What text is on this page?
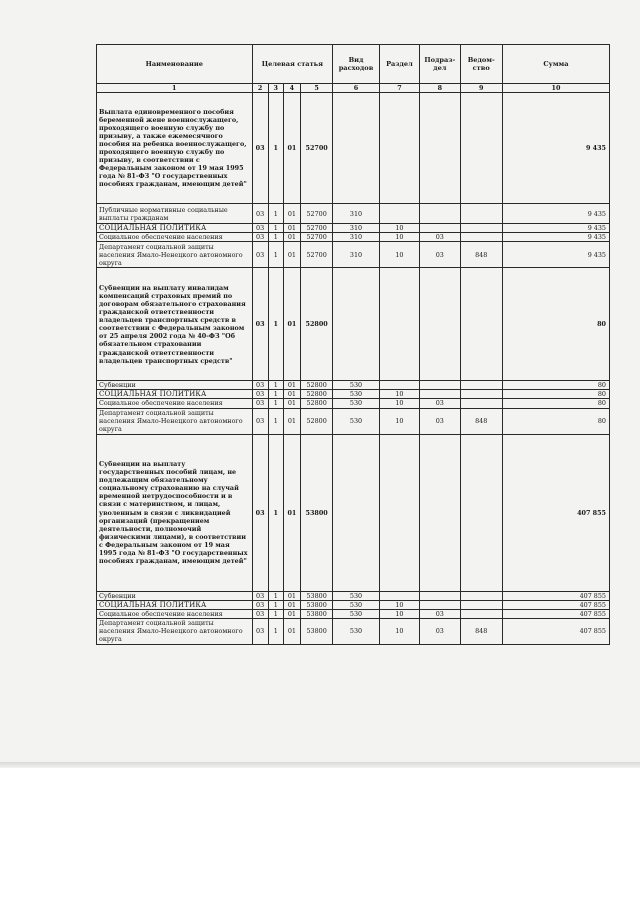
Наименование	Целевая статья				Вид расходов	Раздел	Подраз- дел	Ведом- ство	Сумма
1	2	3	4	5	6	7	8	9	10
Выплата единовременного пособия беременной жене военнослужащего, проходящего военную службу по призыву, а также ежемесячного пособия на ребенка военнослужащего, проходящего военную службу по призыву, в соответствии с Федеральным законом от 19 мая 1995 года № 81-ФЗ "О государственных пособиях гражданам, имеющим детей"	03	1	01	52700					9 435
Публичные нормативные социальные выплаты гражданам	03	1	01	52700	310				9 435
СОЦИАЛЬНАЯ ПОЛИТИКА	03	1	01	52700	310	10			9 435
Социальное обеспечение населения	03	1	01	52700	310	10	03		9 435
Департамент социальной защиты населения Ямало-Ненецкого автономного округа	03	1	01	52700	310	10	03	848	9 435
Субвенции на выплату инвалидам компенсаций страховых премий по договорам обязательного страхования гражданской ответственности владельцев транспортных средств в соответствии с Федеральным законом от 25 апреля 2002 года № 40-ФЗ "Об обязательном страховании гражданской ответственности владельцев транспортных средств"	03	1	01	52800					80
Субвенции	03	1	01	52800	530				80
СОЦИАЛЬНАЯ ПОЛИТИКА	03	1	01	52800	530	10			80
Социальное обеспечение населения	03	1	01	52800	530	10	03		80
Департамент социальной защиты населения Ямало-Ненецкого автономного округа	03	1	01	52800	530	10	03	848	80
Субвенции на выплату государственных пособий лицам, не подлежащим обязательному социальному страхованию на случай временной нетрудоспособности и в связи с материнством, и лицам, уволенным в связи с ликвидацией организаций (прекращением деятельности, полномочий физическими лицами), в соответствии с Федеральным законом от 19 мая 1995 года № 81-ФЗ "О государственных пособиях гражданам, имеющим детей"	03	1	01	53800					407 855
Субвенции	03	1	01	53800	530				407 855
СОЦИАЛЬНАЯ ПОЛИТИКА	03	1	01	53800	530	10			407 855
Социальное обеспечение населения	03	1	01	53800	530	10	03		407 855
Департамент социальной защиты населения Ямало-Ненецкого автономного округа	03	1	01	53800	530	10	03	848	407 855
